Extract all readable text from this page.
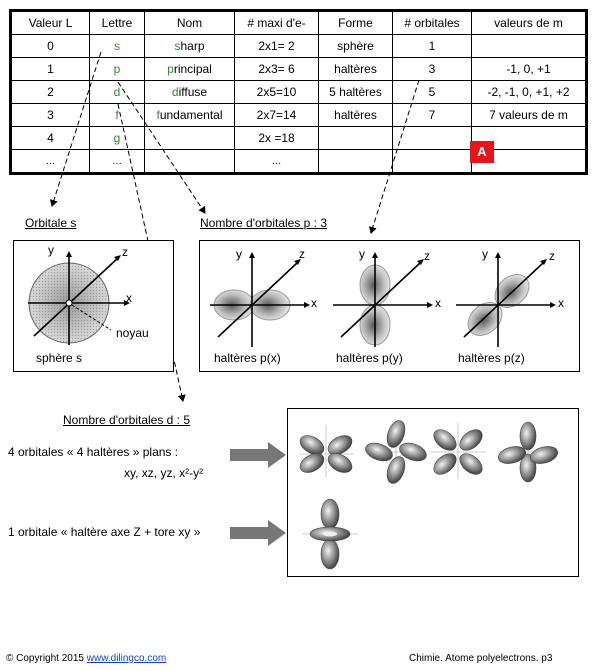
Valeur L	Lettre	Nom	# maxi d'e-	Forme	# orbitales	valeurs de m
0	s	sharp	2x1= 2	sphère	1	
1	p	principal	2x3= 6	haltères	3	-1, 0, +1
2	d	diffuse	2x5=10	5 haltères	5	-2, -1, 0, +1, +2
3	f	fundamental	2x7=14	haltères	7	7 valeurs de m
4	g		2x =18			
…	…		…			
A
Orbitale s
y	z
x
noyau
sphère s
Nombre d'orbitales p : 3
y	z
x
y	z
x
y	z
x
haltères p(x)	haltères p(y)	haltères p(z)
Nombre d'orbitales d : 5
4 orbitales « 4 haltères » plans :
xy, xz, yz, x²-y²
1 orbitale « haltère axe Z + tore xy »
© Copyright 2015 www.dilingco.com	Chimie. Atome polyelectrons. p3
